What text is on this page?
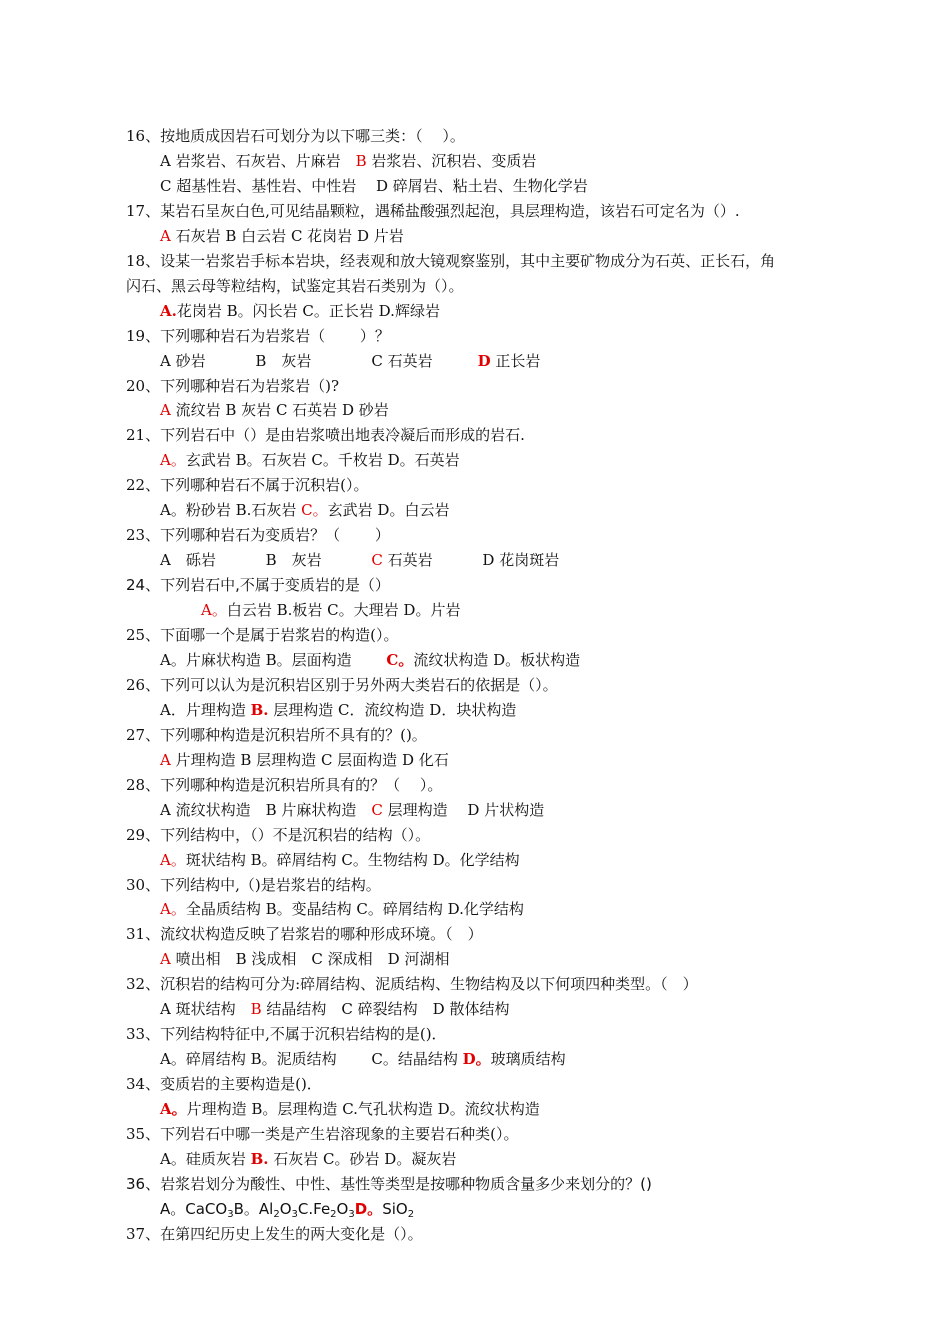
16、按地质成因岩石可划分为以下哪三类：（　 ）。
A 岩浆岩、石灰岩、片麻岩　B 岩浆岩、沉积岩、变质岩
C 超基性岩、基性岩、中性岩　 D 碎屑岩、粘土岩、生物化学岩
17、某岩石呈灰白色,可见结晶颗粒，遇稀盐酸强烈起泡，具层理构造，该岩石可定名为（）.
A 石灰岩 B 白云岩 C 花岗岩 D 片岩
18、设某一岩浆岩手标本岩块，经表观和放大镜观察鉴别，其中主要矿物成分为石英、正长石，角
闪石、黑云母等粒结构，试鉴定其岩石类别为（）。
A.花岗岩 B。闪长岩 C。正长岩 D.辉绿岩
19、下列哪种岩石为岩浆岩（　　 ）？
A 砂岩　　　 B　灰岩　　　　C 石英岩　　　D 正长岩
20、下列哪种岩石为岩浆岩（)?
A 流纹岩 B 灰岩 C 石英岩 D 砂岩
21、下列岩石中（）是由岩浆喷出地表冷凝后而形成的岩石.
A。玄武岩 B。石灰岩 C。千枚岩 D。石英岩
22、下列哪种岩石不属于沉积岩(）。
A。粉砂岩 B.石灰岩 C。玄武岩 D。白云岩
23、下列哪种岩石为变质岩？（　　 ）
A　砾岩　　　 B　灰岩　　　 C 石英岩　　　 D 花岗斑岩
24、下列岩石中,不属于变质岩的是（）
A。白云岩 B.板岩 C。大理岩 D。片岩
25、下面哪一个是属于岩浆岩的构造(）。
A。片麻状构造 B。层面构造　　 C。流纹状构造 D。板状构造
26、下列可以认为是沉积岩区别于另外两大类岩石的依据是（）。
A．片理构造 B. 层理构造 C．流纹构造 D．块状构造
27、下列哪种构造是沉积岩所不具有的？()。
A 片理构造 B 层理构造 C 层面构造 D 化石
28、下列哪种构造是沉积岩所具有的？（　 ）。
A 流纹状构造　B 片麻状构造　C 层理构造　 D 片状构造
29、下列结构中，（）不是沉积岩的结构（）。
A。斑状结构 B。碎屑结构 C。生物结构 D。化学结构
30、下列结构中,（)是岩浆岩的结构。
A。全晶质结构 B。变晶结构 C。碎屑结构 D.化学结构
31、流纹状构造反映了岩浆岩的哪种形成环境。（　）
A 喷出相　B 浅成相　C 深成相　D 河湖相
32、沉积岩的结构可分为:碎屑结构、泥质结构、生物结构及以下何项四种类型。（　）
A 斑状结构　B 结晶结构　C 碎裂结构　D 散体结构
33、下列结构特征中,不属于沉积岩结构的是()．
A。碎屑结构 B。泥质结构　　 C。结晶结构 D。玻璃质结构
34、变质岩的主要构造是()．
A。片理构造 B。层理构造 C.气孔状构造 D。流纹状构造
35、下列岩石中哪一类是产生岩溶现象的主要岩石种类(）。
A。硅质灰岩 B. 石灰岩 C。砂岩 D。凝灰岩
36、岩浆岩划分为酸性、中性、基性等类型是按哪种物质含量多少来划分的？()
A。CaCO$_3$B。$Al_2O_3C.Fe_2O_3D$。SiO$_2$
37、在第四纪历史上发生的两大变化是（）。
